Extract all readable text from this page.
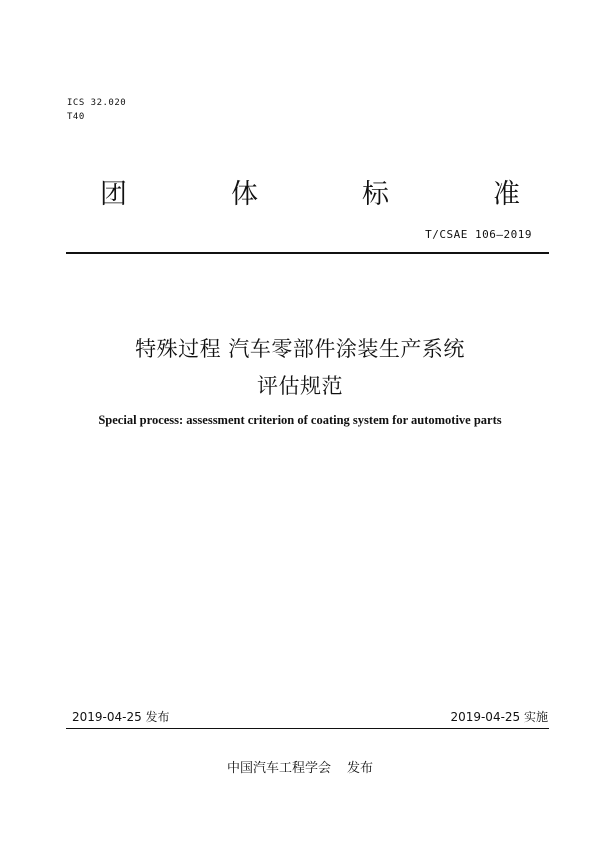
ICS 32.020
T40
团	体	标	准
T/CSAE 106—2019
特殊过程 汽车零部件涂装生产系统
评估规范
Special process: assessment criterion of coating system for automotive parts
2019-04-25 发布	2019-04-25 实施
中国汽车工程学会 发布
